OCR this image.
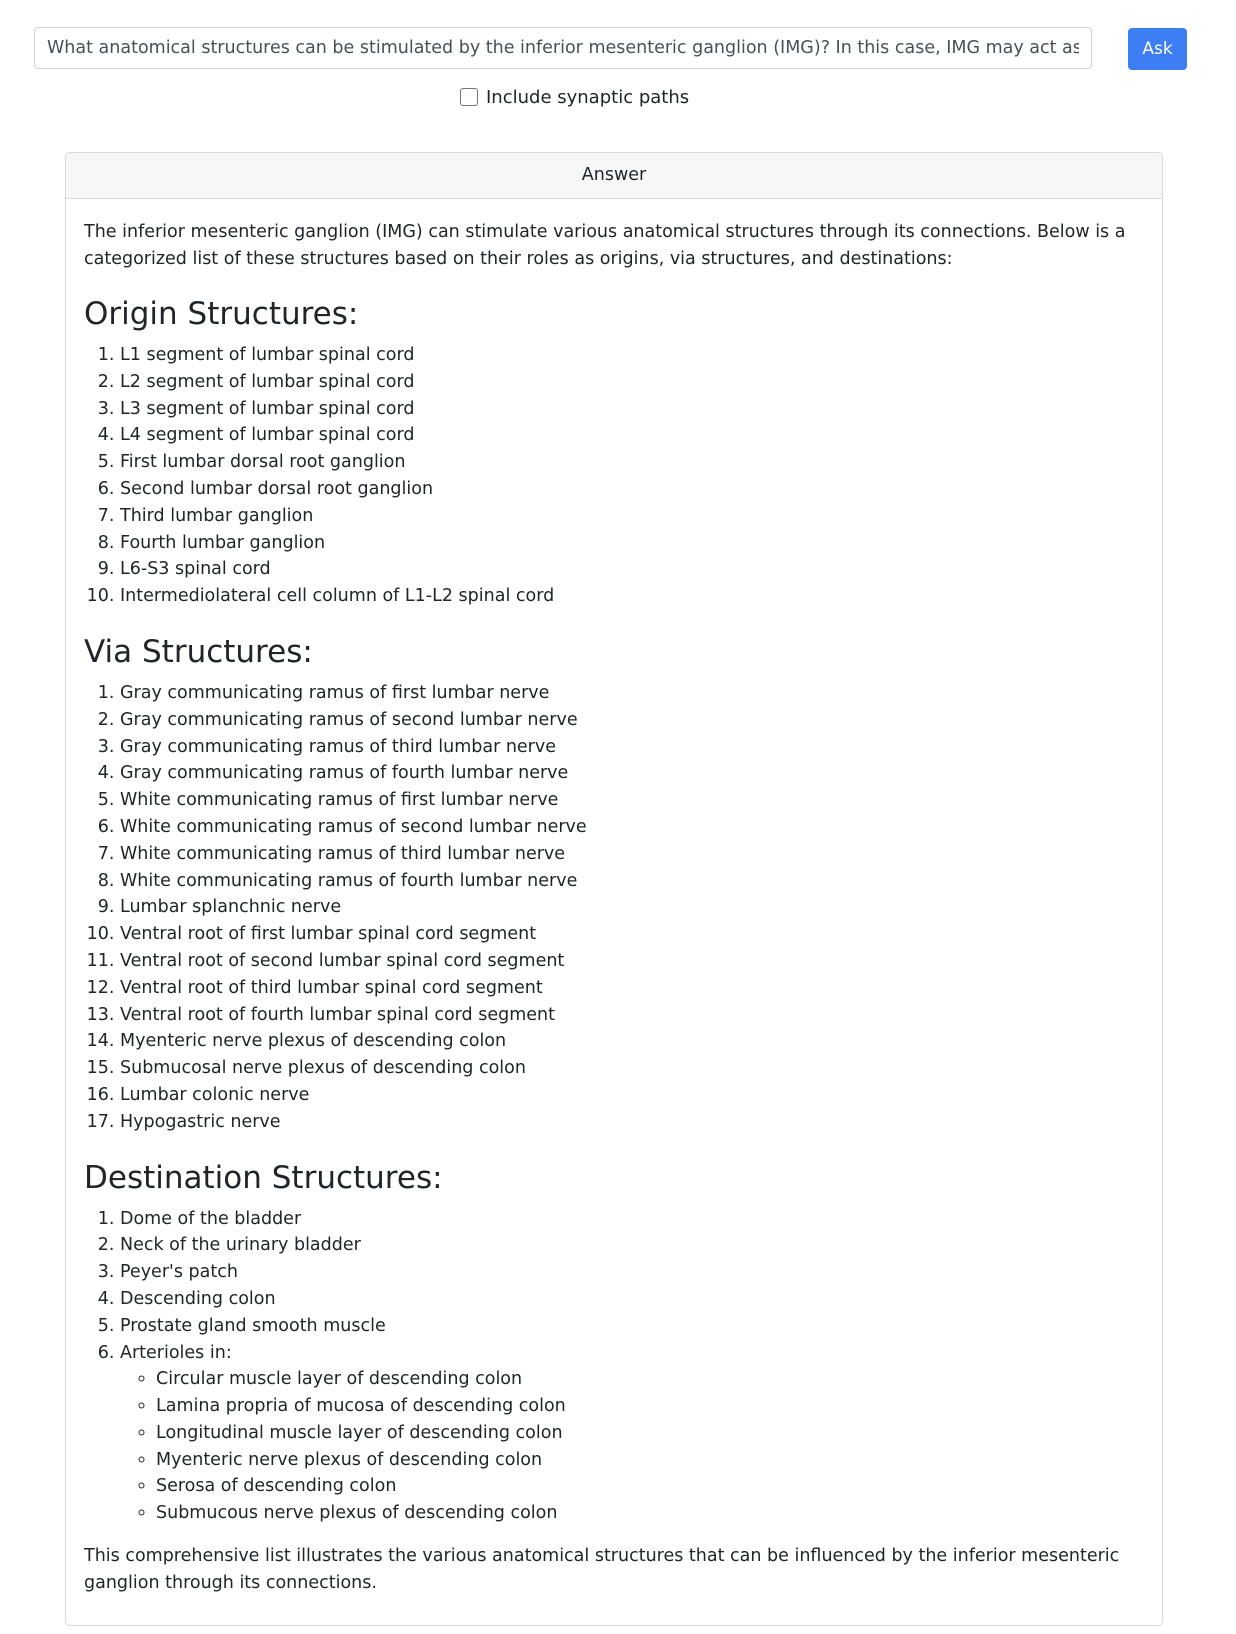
What anatomical structures can be stimulated by the inferior mesenteric ganglion (IMG)? In this case, IMG may act as the origin, o
Ask
Include synaptic paths
Answer

The inferior mesenteric ganglion (IMG) can stimulate various anatomical structures through its connections. Below is a categorized list of these structures based on their roles as origins, via structures, and destinations:

Origin Structures:
1. L1 segment of lumbar spinal cord
2. L2 segment of lumbar spinal cord
3. L3 segment of lumbar spinal cord
4. L4 segment of lumbar spinal cord
5. First lumbar dorsal root ganglion
6. Second lumbar dorsal root ganglion
7. Third lumbar ganglion
8. Fourth lumbar ganglion
9. L6-S3 spinal cord
10. Intermediolateral cell column of L1-L2 spinal cord
Via Structures:
1. Gray communicating ramus of first lumbar nerve
2. Gray communicating ramus of second lumbar nerve
3. Gray communicating ramus of third lumbar nerve
4. Gray communicating ramus of fourth lumbar nerve
5. White communicating ramus of first lumbar nerve
6. White communicating ramus of second lumbar nerve
7. White communicating ramus of third lumbar nerve
8. White communicating ramus of fourth lumbar nerve
9. Lumbar splanchnic nerve
10. Ventral root of first lumbar spinal cord segment
11. Ventral root of second lumbar spinal cord segment
12. Ventral root of third lumbar spinal cord segment
13. Ventral root of fourth lumbar spinal cord segment
14. Myenteric nerve plexus of descending colon
15. Submucosal nerve plexus of descending colon
16. Lumbar colonic nerve
17. Hypogastric nerve
Destination Structures:
1. Dome of the bladder
2. Neck of the urinary bladder
3. Peyer's patch
4. Descending colon
5. Prostate gland smooth muscle
6. Arterioles in:
◦ Circular muscle layer of descending colon
◦ Lamina propria of mucosa of descending colon
◦ Longitudinal muscle layer of descending colon
◦ Myenteric nerve plexus of descending colon
◦ Serosa of descending colon
◦ Submucous nerve plexus of descending colon

This comprehensive list illustrates the various anatomical structures that can be influenced by the inferior mesenteric ganglion through its connections.
